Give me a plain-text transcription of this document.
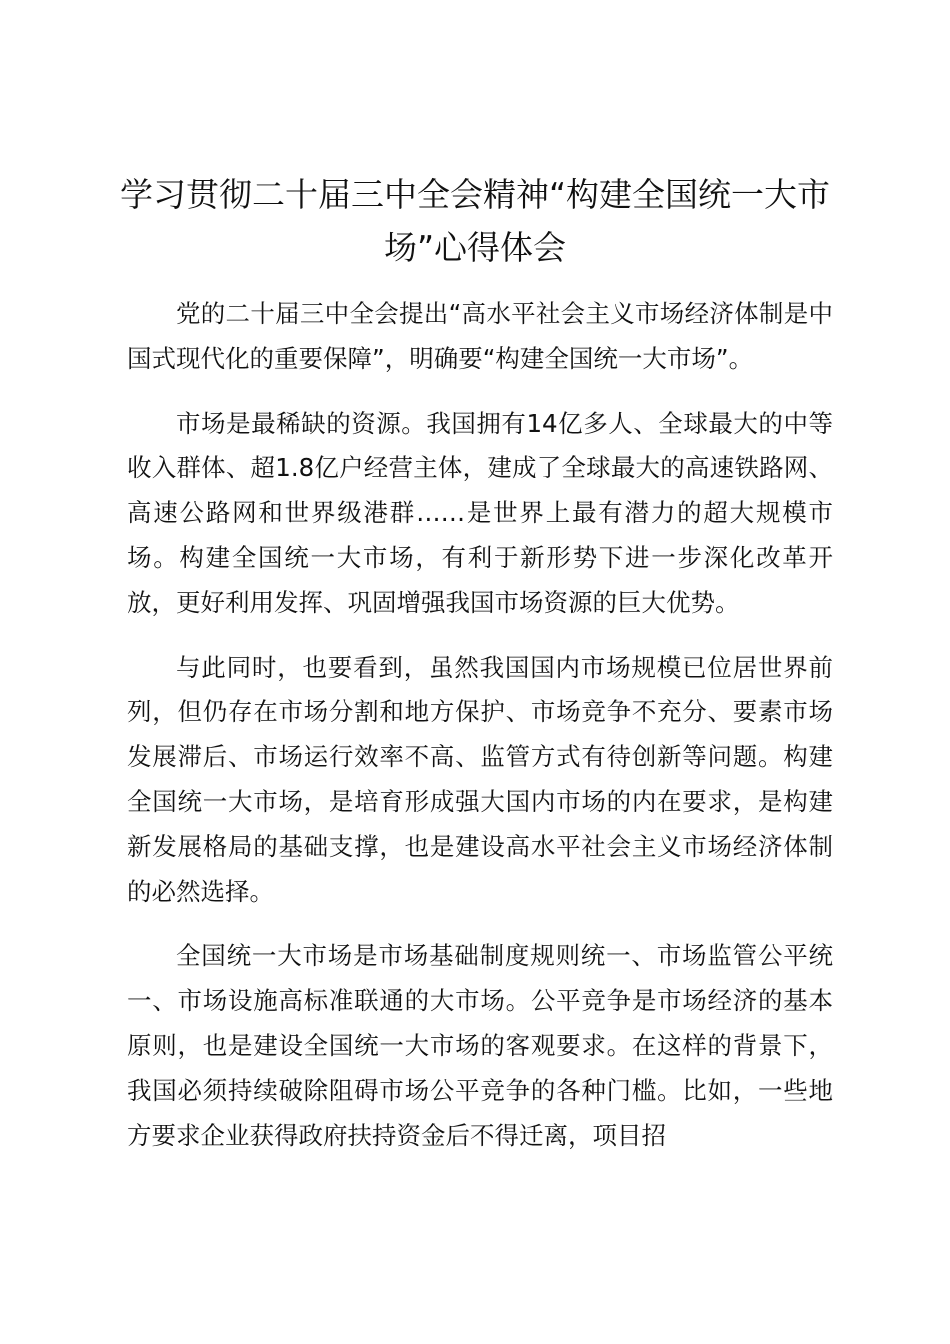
学习贯彻二十届三中全会精神“构建全国统一大市场”心得体会

党的二十届三中全会提出“高水平社会主义市场经济体制是中国式现代化的重要保障”，明确要“构建全国统一大市场”。

市场是最稀缺的资源。我国拥有14亿多人、全球最大的中等收入群体、超1.8亿户经营主体，建成了全球最大的高速铁路网、高速公路网和世界级港群……是世界上最有潜力的超大规模市场。构建全国统一大市场，有利于新形势下进一步深化改革开放，更好利用发挥、巩固增强我国市场资源的巨大优势。

与此同时，也要看到，虽然我国国内市场规模已位居世界前列，但仍存在市场分割和地方保护、市场竞争不充分、要素市场发展滞后、市场运行效率不高、监管方式有待创新等问题。构建全国统一大市场，是培育形成强大国内市场的内在要求，是构建新发展格局的基础支撑，也是建设高水平社会主义市场经济体制的必然选择。

全国统一大市场是市场基础制度规则统一、市场监管公平统一、市场设施高标准联通的大市场。公平竞争是市场经济的基本原则，也是建设全国统一大市场的客观要求。在这样的背景下，我国必须持续破除阻碍市场公平竞争的各种门槛。比如，一些地方要求企业获得政府扶持资金后不得迁离，项目招
